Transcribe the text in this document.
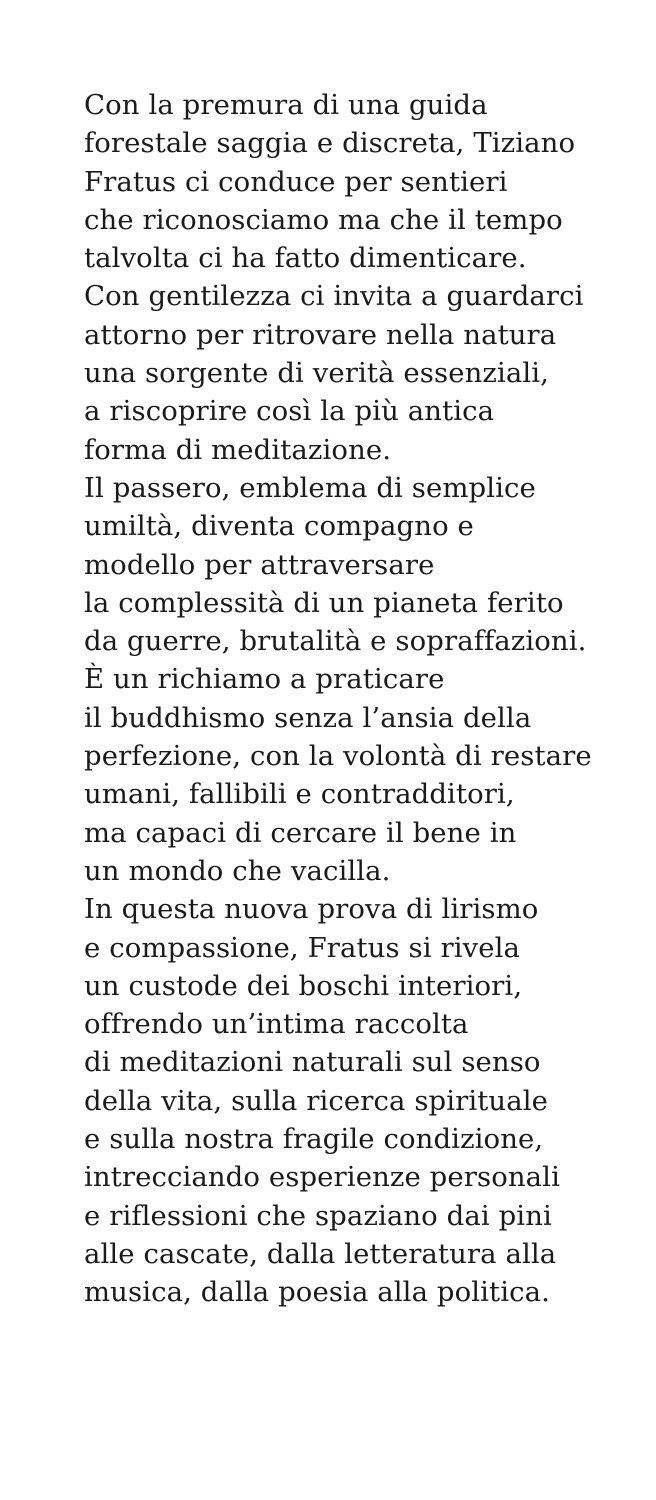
Con la premura di una guida
forestale saggia e discreta, Tiziano
Fratus ci conduce per sentieri
che riconosciamo ma che il tempo
talvolta ci ha fatto dimenticare.
Con gentilezza ci invita a guardarci
attorno per ritrovare nella natura
una sorgente di verità essenziali,
a riscoprire così la più antica
forma di meditazione.
Il passero, emblema di semplice
umiltà, diventa compagno e
modello per attraversare
la complessità di un pianeta ferito
da guerre, brutalità e sopraffazioni.
È un richiamo a praticare
il buddhismo senza l’ansia della
perfezione, con la volontà di restare
umani, fallibili e contradditori,
ma capaci di cercare il bene in
un mondo che vacilla.
In questa nuova prova di lirismo
e compassione, Fratus si rivela
un custode dei boschi interiori,
offrendo un’intima raccolta
di meditazioni naturali sul senso
della vita, sulla ricerca spirituale
e sulla nostra fragile condizione,
intrecciando esperienze personali
e riflessioni che spaziano dai pini
alle cascate, dalla letteratura alla
musica, dalla poesia alla politica.
